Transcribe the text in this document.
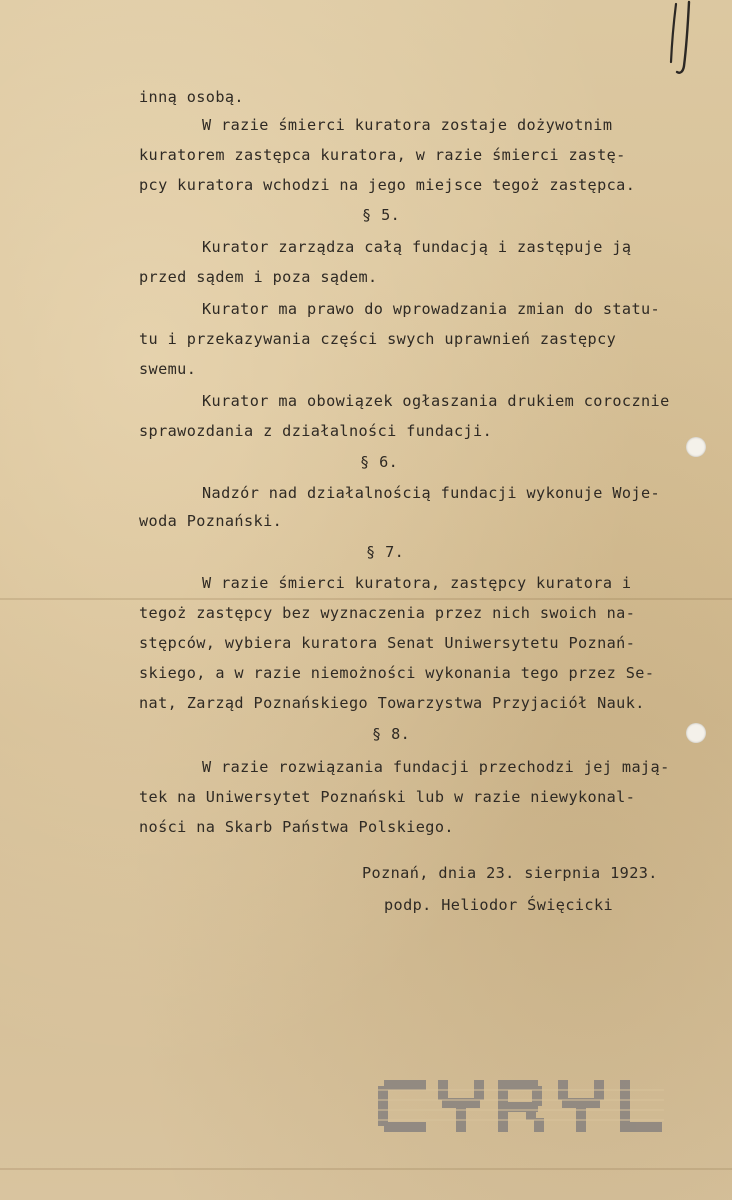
inną osobą.
W razie śmierci kuratora zostaje dożywotnim
kuratorem zastępca kuratora, w razie śmierci zastę-
pcy kuratora wchodzi na jego miejsce tegoż zastępca.
§ 5.
Kurator zarządza całą fundacją i zastępuje ją
przed sądem i poza sądem.
Kurator ma prawo do wprowadzania zmian do statu-
tu i przekazywania części swych uprawnień zastępcy
swemu.
Kurator ma obowiązek ogłaszania drukiem corocznie
sprawozdania z działalności fundacji.
§ 6.
Nadzór nad działalnością fundacji wykonuje Woje-
woda Poznański.
§ 7.
W razie śmierci kuratora, zastępcy kuratora i
tegoż zastępcy bez wyznaczenia przez nich swoich na-
stępców, wybiera kuratora Senat Uniwersytetu Poznań-
skiego, a w razie niemożności wykonania tego przez Se-
nat, Zarząd Poznańskiego Towarzystwa Przyjaciół Nauk.
§ 8.
W razie rozwiązania fundacji przechodzi jej mają-
tek na Uniwersytet Poznański lub w razie niewykonal-
ności na Skarb Państwa Polskiego.
Poznań, dnia 23. sierpnia 1923.
podp. Heliodor Święcicki
